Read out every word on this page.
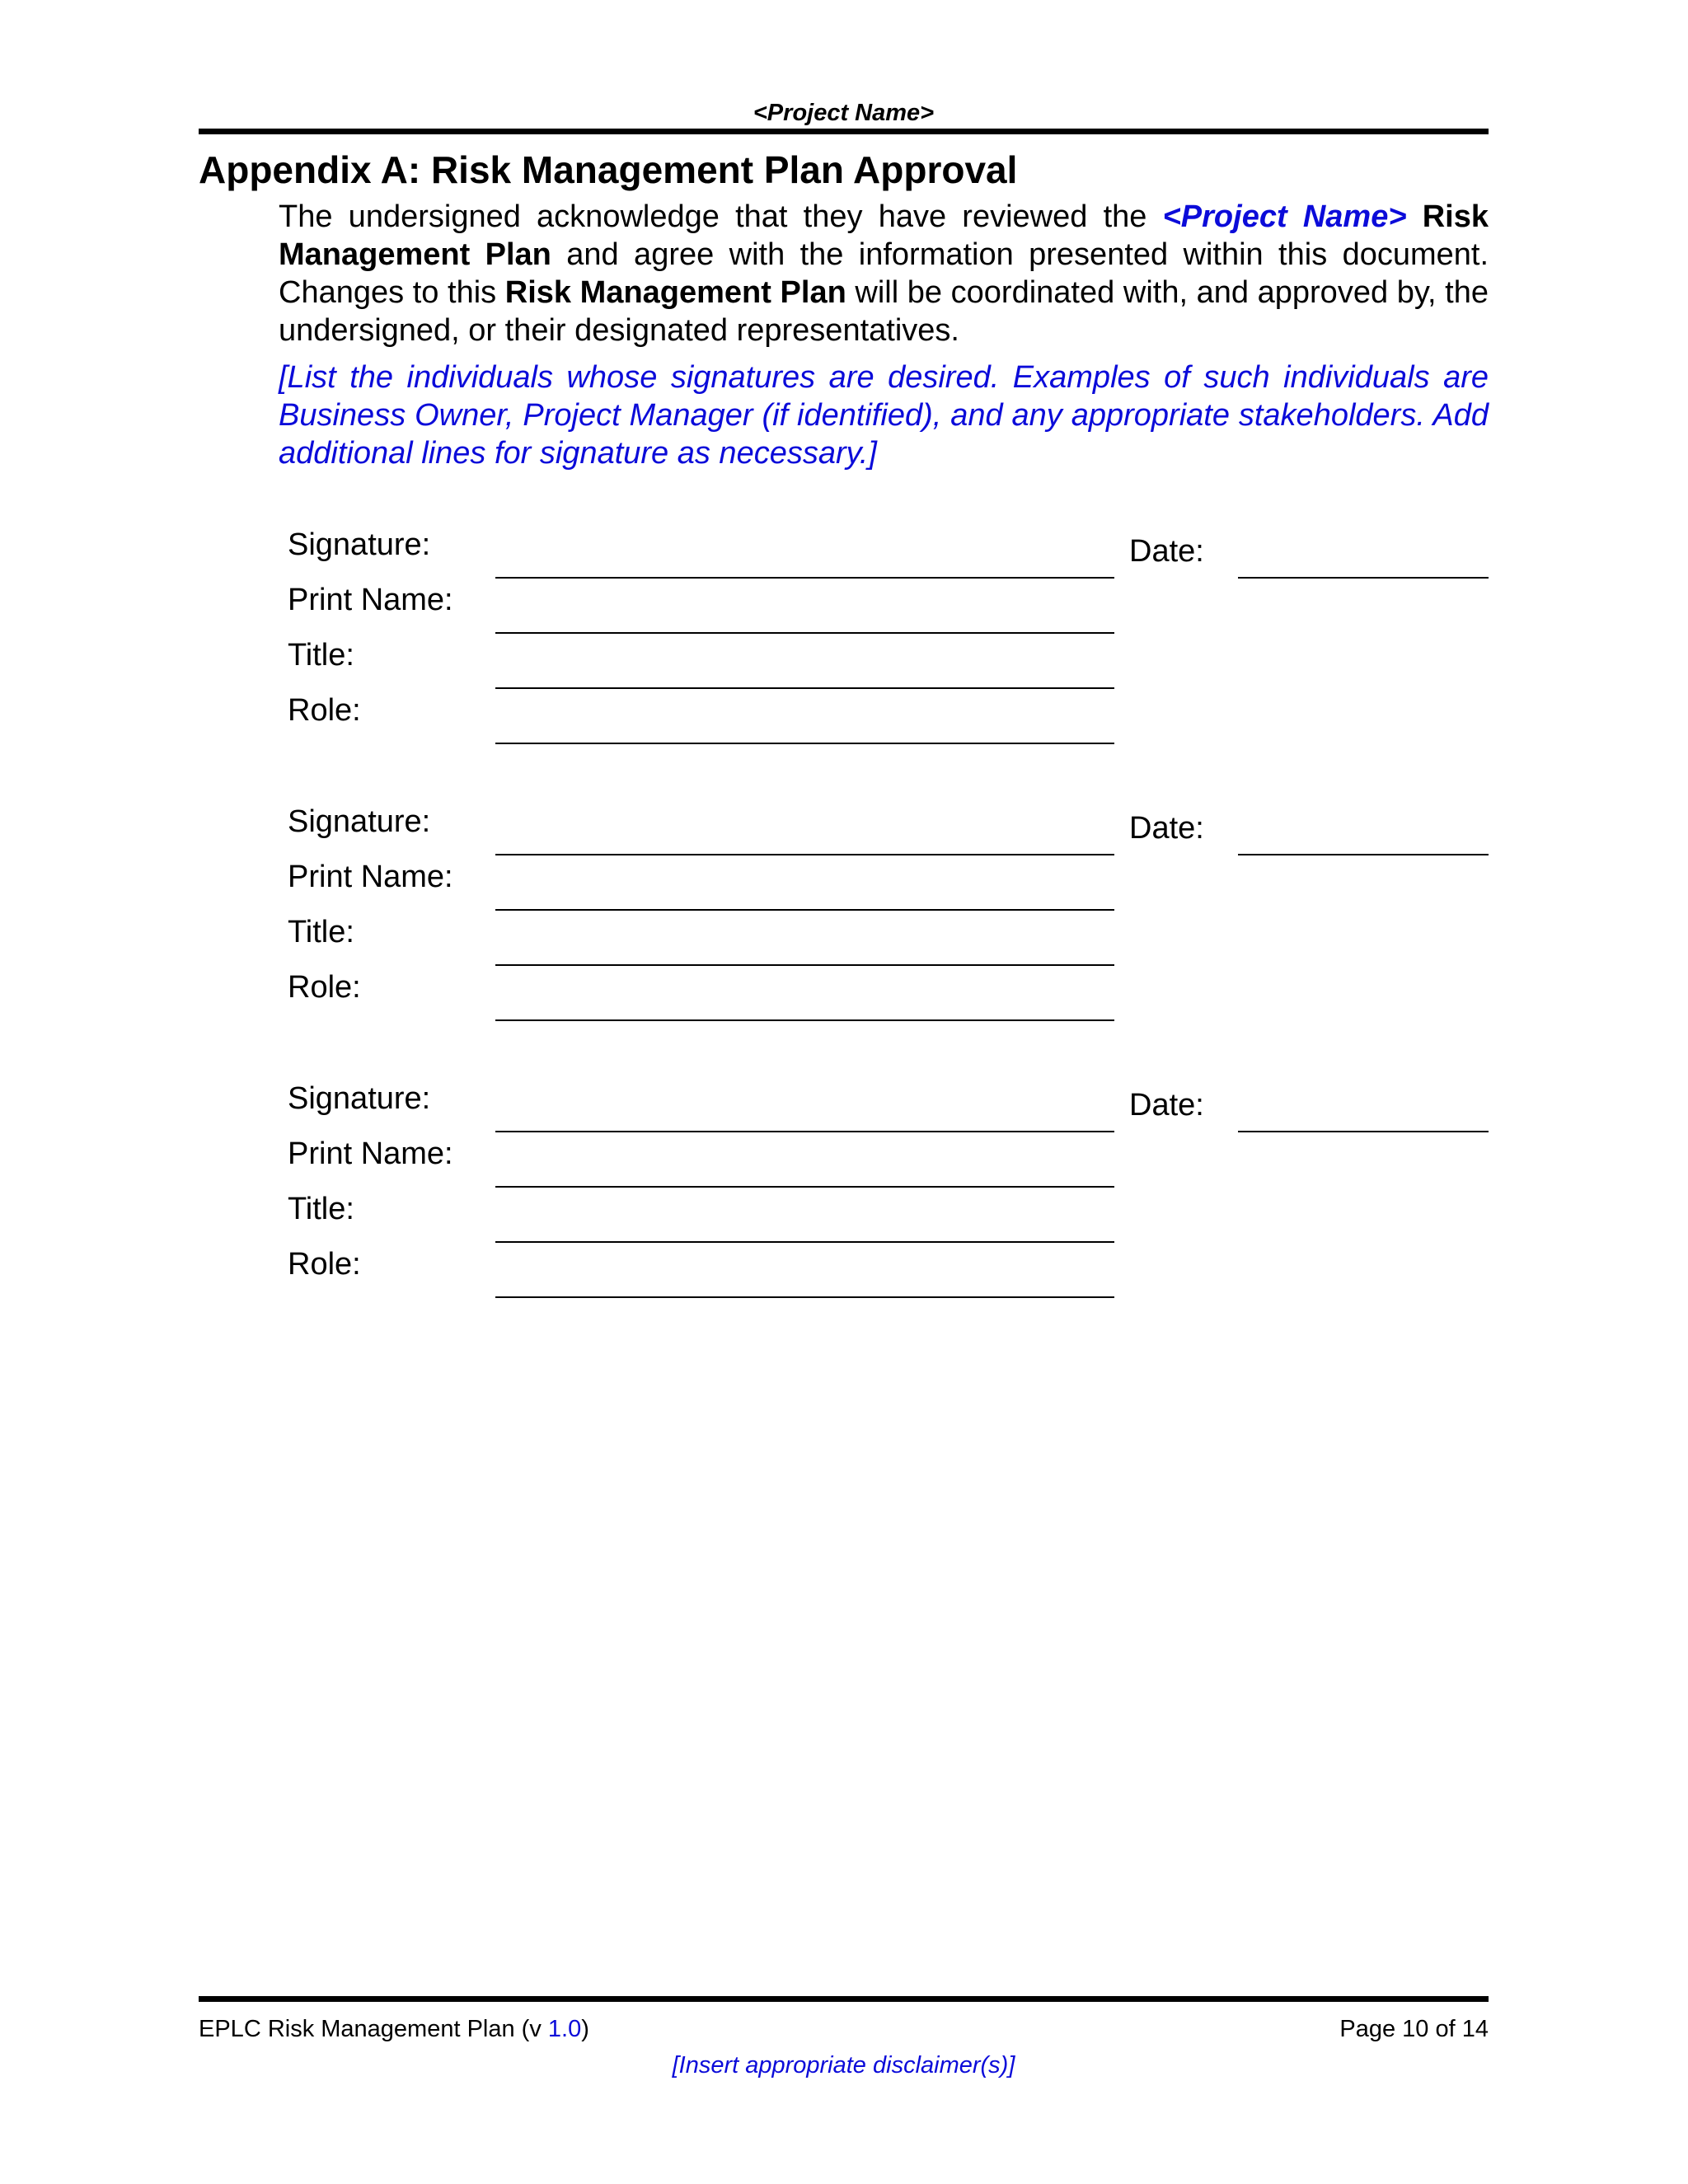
<Project Name>
Appendix A: Risk Management Plan Approval

The undersigned acknowledge that they have reviewed the <Project Name> Risk Management Plan and agree with the information presented within this document. Changes to this Risk Management Plan will be coordinated with, and approved by, the undersigned, or their designated representatives.

[List the individuals whose signatures are desired. Examples of such individuals are Business Owner, Project Manager (if identified), and any appropriate stakeholders. Add additional lines for signature as necessary.]

Signature:	Date:
Print Name:
Title:
Role:
Signature:	Date:
Print Name:
Title:
Role:
Signature:	Date:
Print Name:
Title:
Role:
EPLC Risk Management Plan (v 1.0)	Page 10 of 14
[Insert appropriate disclaimer(s)]
